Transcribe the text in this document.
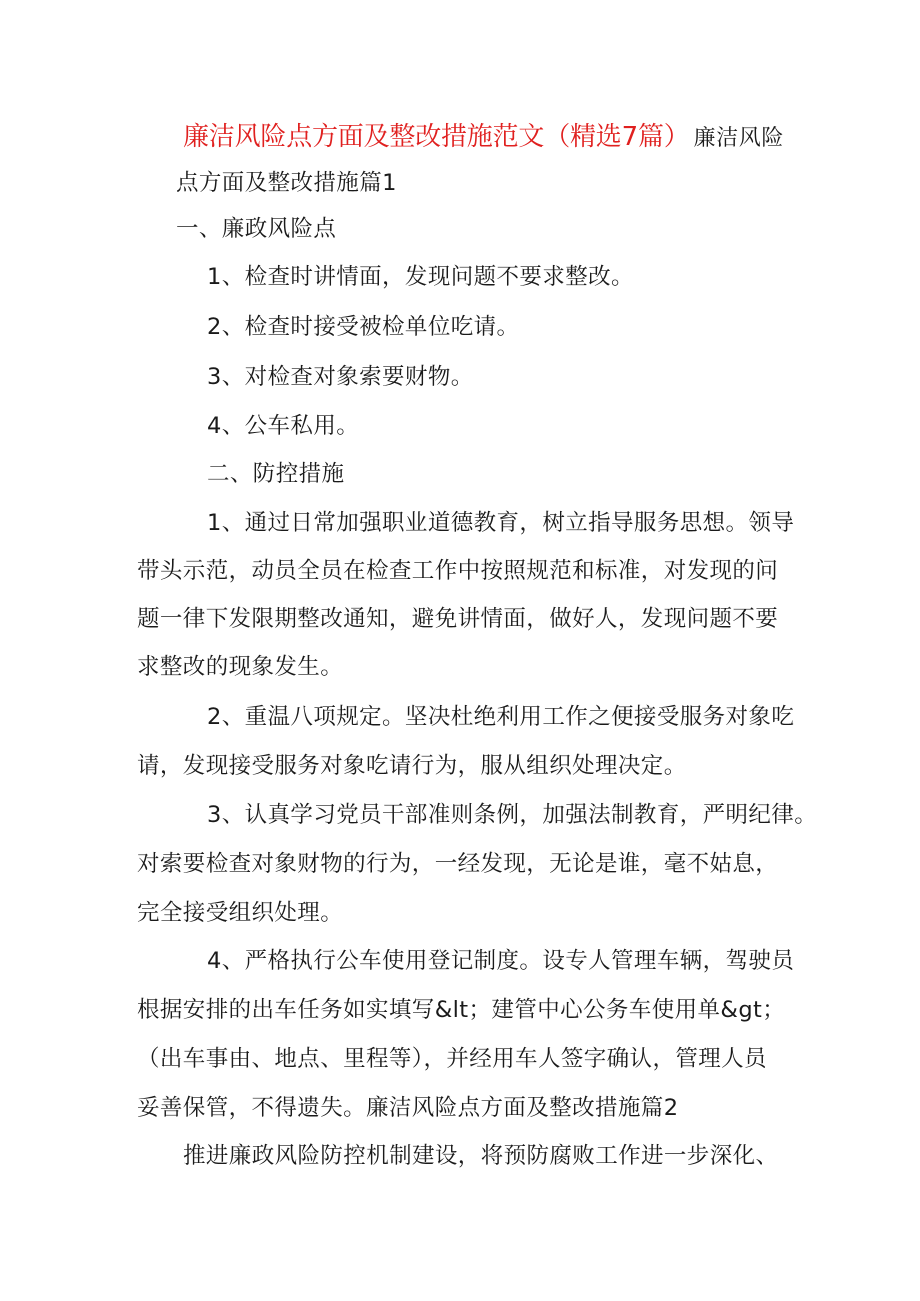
廉洁风险点方面及整改措施范文（精选7篇） 廉洁风险
点方面及整改措施篇1
一、廉政风险点
1、检查时讲情面，发现问题不要求整改。
2、检查时接受被检单位吃请。
3、对检查对象索要财物。
4、公车私用。
二、防控措施
1、通过日常加强职业道德教育，树立指导服务思想。领导
带头示范，动员全员在检查工作中按照规范和标准，对发现的问
题一律下发限期整改通知，避免讲情面，做好人，发现问题不要
求整改的现象发生。
2、重温八项规定。坚决杜绝利用工作之便接受服务对象吃
请，发现接受服务对象吃请行为，服从组织处理决定。
3、认真学习党员干部准则条例，加强法制教育，严明纪律。
对索要检查对象财物的行为，一经发现，无论是谁，毫不姑息，
完全接受组织处理。
4、严格执行公车使用登记制度。设专人管理车辆，驾驶员
根据安排的出车任务如实填写&lt；建管中心公务车使用单&gt；
（出车事由、地点、里程等），并经用车人签字确认，管理人员
妥善保管，不得遗失。廉洁风险点方面及整改措施篇2
推进廉政风险防控机制建设，将预防腐败工作进一步深化、
